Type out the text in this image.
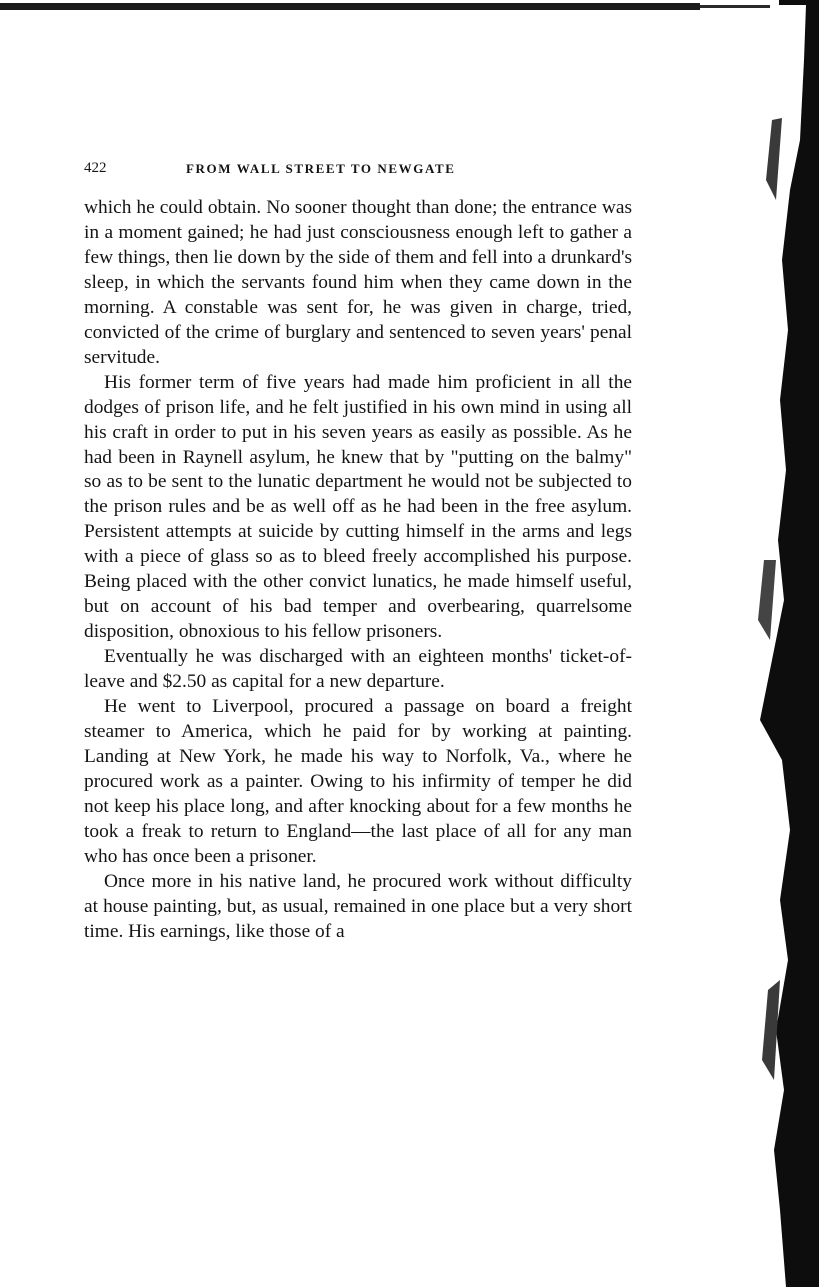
422	FROM WALL STREET TO NEWGATE

which he could obtain. No sooner thought than done; the entrance was in a moment gained; he had just consciousness enough left to gather a few things, then lie down by the side of them and fell into a drunkard's sleep, in which the servants found him when they came down in the morning. A constable was sent for, he was given in charge, tried, convicted of the crime of burglary and sentenced to seven years' penal servitude.

His former term of five years had made him proficient in all the dodges of prison life, and he felt justified in his own mind in using all his craft in order to put in his seven years as easily as possible. As he had been in Raynell asylum, he knew that by "putting on the balmy" so as to be sent to the lunatic department he would not be subjected to the prison rules and be as well off as he had been in the free asylum. Persistent attempts at suicide by cutting himself in the arms and legs with a piece of glass so as to bleed freely accomplished his purpose. Being placed with the other convict lunatics, he made himself useful, but on account of his bad temper and overbearing, quarrelsome disposition, obnoxious to his fellow prisoners.

Eventually he was discharged with an eighteen months' ticket-of-leave and $2.50 as capital for a new departure.

He went to Liverpool, procured a passage on board a freight steamer to America, which he paid for by working at painting. Landing at New York, he made his way to Norfolk, Va., where he procured work as a painter. Owing to his infirmity of temper he did not keep his place long, and after knocking about for a few months he took a freak to return to England—the last place of all for any man who has once been a prisoner.

Once more in his native land, he procured work without difficulty at house painting, but, as usual, remained in one place but a very short time. His earnings, like those of a
